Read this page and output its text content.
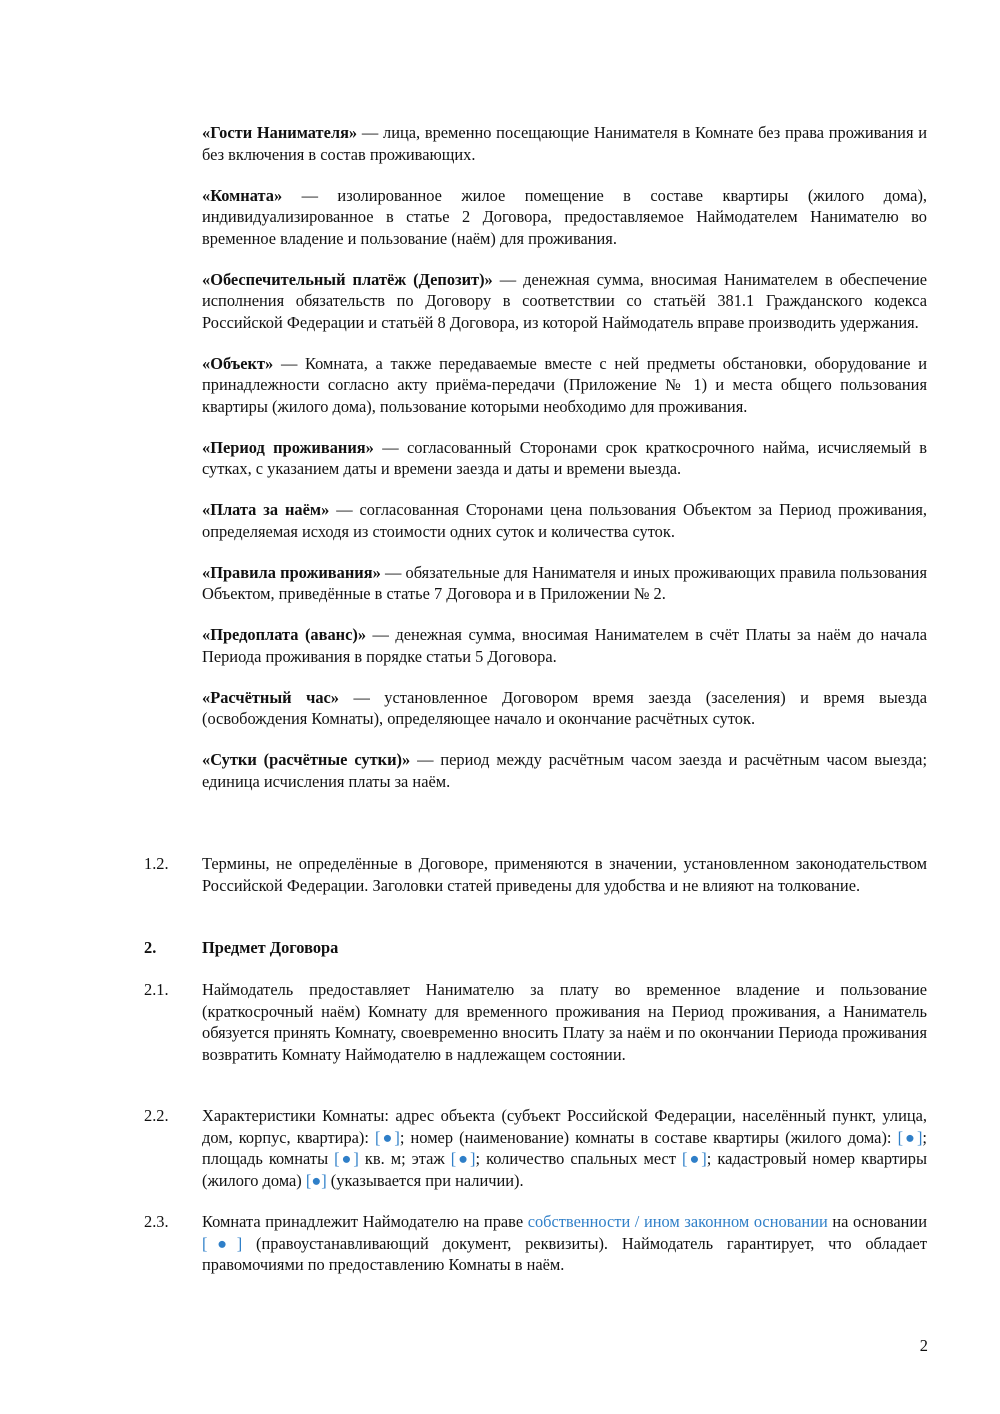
«Гости Нанимателя» — лица, временно посещающие Нанимателя в Комнате без права проживания и без включения в состав проживающих.

«Комната» — изолированное жилое помещение в составе квартиры (жилого дома), индивидуализированное в статье 2 Договора, предоставляемое Наймодателем Нанимателю во временное владение и пользование (наём) для проживания.

«Обеспечительный платёж (Депозит)» — денежная сумма, вносимая Нанимателем в обеспечение исполнения обязательств по Договору в соответствии со статьёй 381.1 Гражданского кодекса Российской Федерации и статьёй 8 Договора, из которой Наймодатель вправе производить удержания.

«Объект» — Комната, а также передаваемые вместе с ней предметы обстановки, оборудование и принадлежности согласно акту приёма-передачи (Приложение № 1) и места общего пользования квартиры (жилого дома), пользование которыми необходимо для проживания.

«Период проживания» — согласованный Сторонами срок краткосрочного найма, исчисляемый в сутках, с указанием даты и времени заезда и даты и времени выезда.

«Плата за наём» — согласованная Сторонами цена пользования Объектом за Период проживания, определяемая исходя из стоимости одних суток и количества суток.

«Правила проживания» — обязательные для Нанимателя и иных проживающих правила пользования Объектом, приведённые в статье 7 Договора и в Приложении № 2.

«Предоплата (аванс)» — денежная сумма, вносимая Нанимателем в счёт Платы за наём до начала Периода проживания в порядке статьи 5 Договора.

«Расчётный час» — установленное Договором время заезда (заселения) и время выезда (освобождения Комнаты), определяющее начало и окончание расчётных суток.

«Сутки (расчётные сутки)» — период между расчётным часом заезда и расчётным часом выезда; единица исчисления платы за наём.

1.2.	Термины, не определённые в Договоре, применяются в значении, установленном законодательством Российской Федерации. Заголовки статей приведены для удобства и не влияют на толкование.
2.	Предмет Договора
2.1.	Наймодатель предоставляет Нанимателю за плату во временное владение и пользование (краткосрочный наём) Комнату для временного проживания на Период проживания, а Наниматель обязуется принять Комнату, своевременно вносить Плату за наём и по окончании Периода проживания возвратить Комнату Наймодателю в надлежащем состоянии.
2.2.	Характеристики Комнаты: адрес объекта (субъект Российской Федерации, населённый пункт, улица, дом, корпус, квартира): [●]; номер (наименование) комнаты в составе квартиры (жилого дома): [●]; площадь комнаты [●] кв. м; этаж [●]; количество спальных мест [●]; кадастровый номер квартиры (жилого дома) [●] (указывается при наличии).
2.3.	Комната принадлежит Наймодателю на праве собственности / ином законном основании на основании [●] (правоустанавливающий документ, реквизиты). Наймодатель гарантирует, что обладает правомочиями по предоставлению Комнаты в наём.
2
